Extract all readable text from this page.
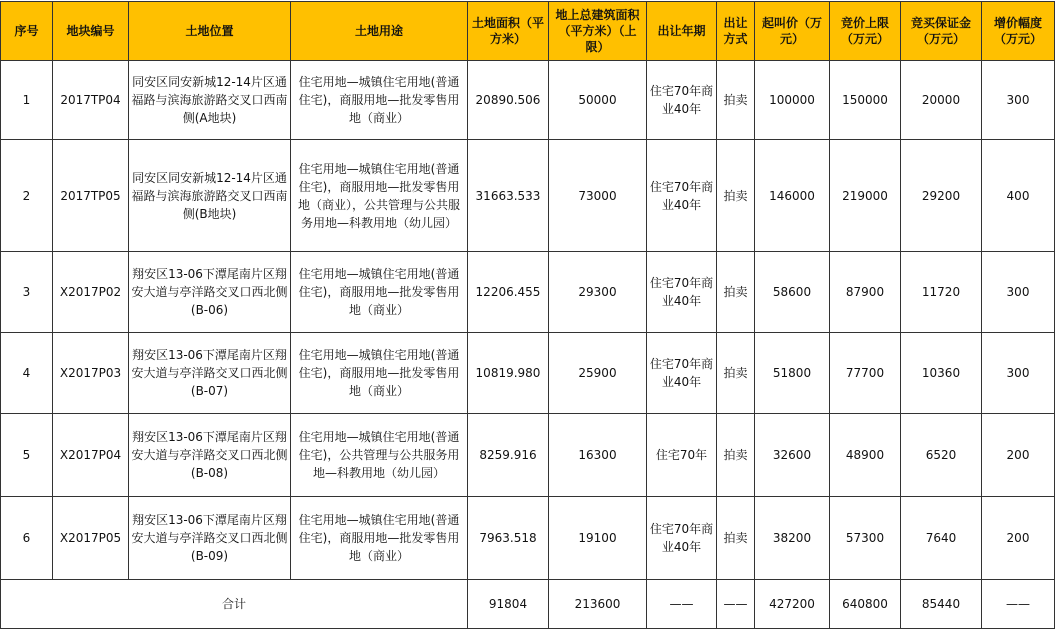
序号	地块编号	土地位置	土地用途	土地面积（平方米）	地上总建筑面积（平方米）（上限）	出让年期	出让方式	起叫价（万元）	竞价上限（万元）	竞买保证金（万元）	增价幅度（万元）
1	2017TP04	同安区同安新城12-14片区通福路与滨海旅游路交叉口西南侧(A地块)	住宅用地—城镇住宅用地(普通住宅)，商服用地—批发零售用地（商业）	20890.506	50000	住宅70年商业40年	拍卖	100000	150000	20000	300
2	2017TP05	同安区同安新城12-14片区通福路与滨海旅游路交叉口西南侧(B地块)	住宅用地—城镇住宅用地(普通住宅)，商服用地—批发零售用地（商业），公共管理与公共服务用地—科教用地（幼儿园）	31663.533	73000	住宅70年商业40年	拍卖	146000	219000	29200	400
3	X2017P02	翔安区13-06下潭尾南片区翔安大道与亭洋路交叉口西北侧(B-06)	住宅用地—城镇住宅用地(普通住宅)，商服用地—批发零售用地（商业）	12206.455	29300	住宅70年商业40年	拍卖	58600	87900	11720	300
4	X2017P03	翔安区13-06下潭尾南片区翔安大道与亭洋路交叉口西北侧(B-07)	住宅用地—城镇住宅用地(普通住宅)，商服用地—批发零售用地（商业）	10819.980	25900	住宅70年商业40年	拍卖	51800	77700	10360	300
5	X2017P04	翔安区13-06下潭尾南片区翔安大道与亭洋路交叉口西北侧(B-08)	住宅用地—城镇住宅用地(普通住宅)，公共管理与公共服务用地—科教用地（幼儿园）	8259.916	16300	住宅70年	拍卖	32600	48900	6520	200
6	X2017P05	翔安区13-06下潭尾南片区翔安大道与亭洋路交叉口西北侧(B-09)	住宅用地—城镇住宅用地(普通住宅)，商服用地—批发零售用地（商业）	7963.518	19100	住宅70年商业40年	拍卖	38200	57300	7640	200
合计				91804	213600	——	——	427200	640800	85440	——
